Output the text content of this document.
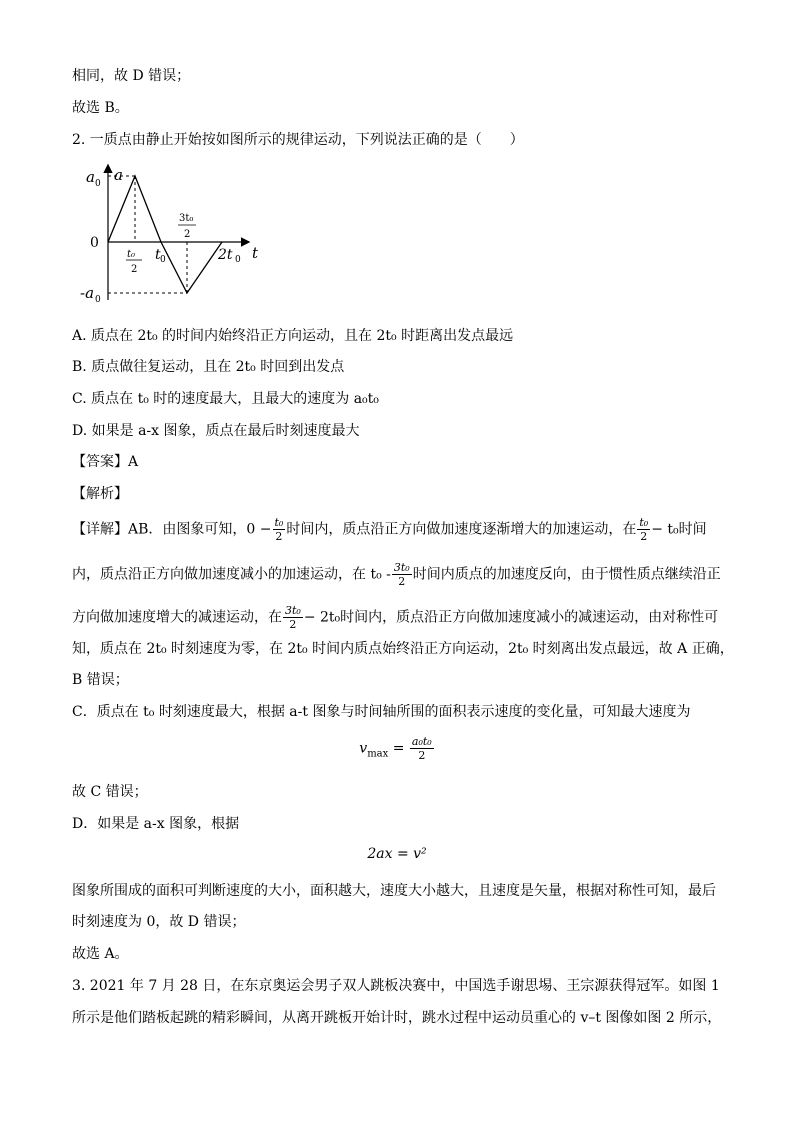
相同，故 D 错误；
故选 B。
2. 一质点由静止开始按如图所示的规律运动，下列说法正确的是（　　）
a
t
0
a 0
-a 0
t₀
2
t 0
3t₀
2
2t 0
A. 质点在 2t₀ 的时间内始终沿正方向运动，且在 2t₀ 时距离出发点最远
B. 质点做往复运动，且在 2t₀ 时回到出发点
C. 质点在 t₀ 时的速度最大，且最大的速度为 a₀t₀
D. 如果是 a-x 图象，质点在最后时刻速度最大
【答案】A
【解析】
【详解】AB．由图象可知，$0 - \frac{\text{t₀}}{2}$ 时间内，质点沿正方向做加速度逐渐增大的加速运动，在 $\frac{\text{t₀}}{2} - t_0$时间
内，质点沿正方向做加速度减小的加速运动，在 $t_0 - \frac{\text{3t₀}}{2}$ 时间内质点的加速度反向，由于惯性质点继续沿正
方向做加速度增大的减速运动，在 $\frac{\text{3t₀}}{2} - 2t_0$时间内，质点沿正方向做加速度减小的减速运动，由对称性可
知，质点在 2t₀ 时刻速度为零，在 2t₀ 时间内质点始终沿正方向运动，2t₀ 时刻离出发点最远，故 A 正确，
B 错误；
C．质点在 t₀ 时刻速度最大，根据 a-t 图象与时间轴所围的面积表示速度的变化量，可知最大速度为
$v_{max} = \frac{\text{a₀t₀}}{2}$
故 C 错误；
D．如果是 a-x 图象，根据
2ax = v²
图象所围成的面积可判断速度的大小，面积越大，速度大小越大，且速度是矢量，根据对称性可知，最后
时刻速度为 0，故 D 错误；
故选 A。
3. 2021 年 7 月 28 日，在东京奥运会男子双人跳板决赛中，中国选手谢思埸、王宗源获得冠军。如图 1
所示是他们踏板起跳的精彩瞬间，从离开跳板开始计时，跳水过程中运动员重心的 v–t 图像如图 2 所示，
